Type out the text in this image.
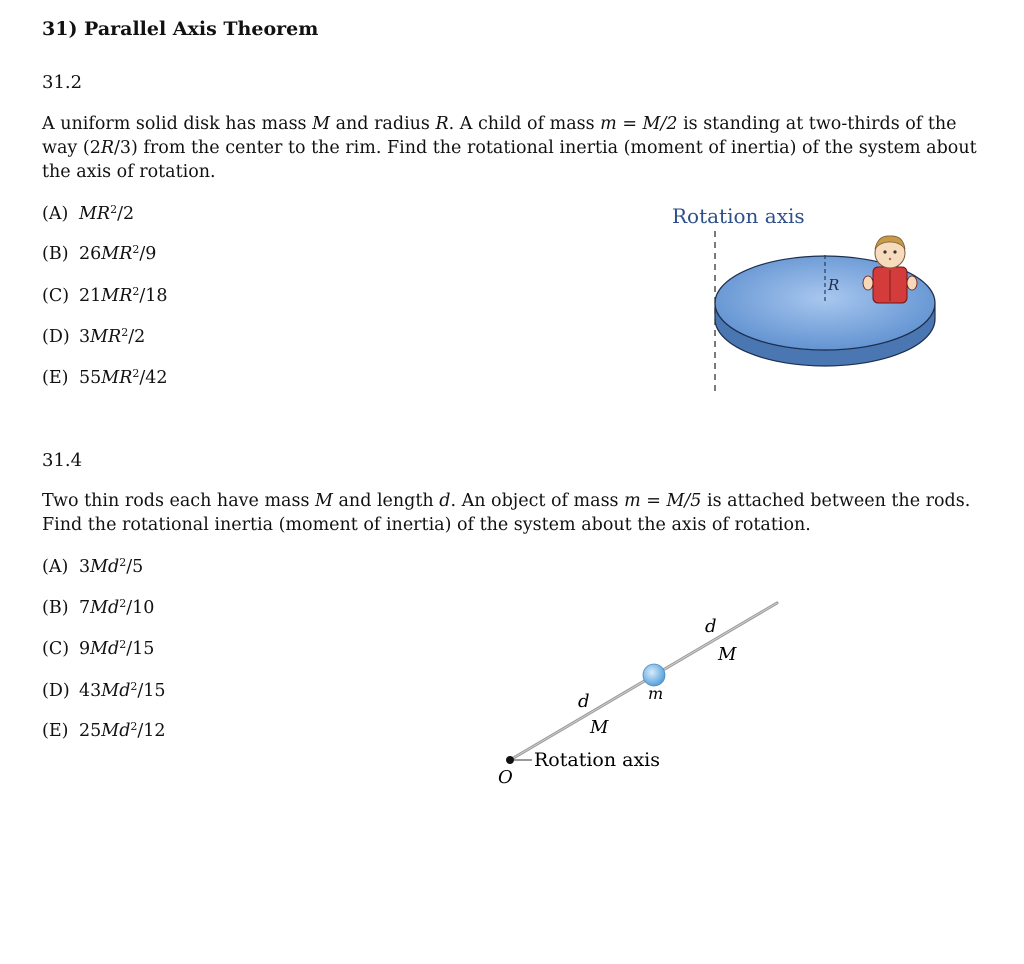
31) Parallel Axis Theorem
31.2
A uniform solid disk has mass M and radius R. A child of mass m = M/2 is standing at two-thirds of the way (2R/3) from the center to the rim. Find the rotational inertia (moment of inertia) of the system about the axis of rotation.
(A) $MR^2/2$
(B) $26MR^2/9$
(C) $21MR^2/18$
(D) $3MR^2/2$
(E) $55MR^2/42$
Rotation axis
R
31.4
Two thin rods each have mass M and length d. An object of mass m = M/5 is attached between the rods. Find the rotational inertia (moment of inertia) of the system about the axis of rotation.
(A) 3Md$^2$/5
(B) 7Md$^2$/10
(C) 9Md$^2$/15
(D) 43Md$^2$/15
(E) 25Md$^2$/12
d
M
m
d
M
Rotation axis
O
